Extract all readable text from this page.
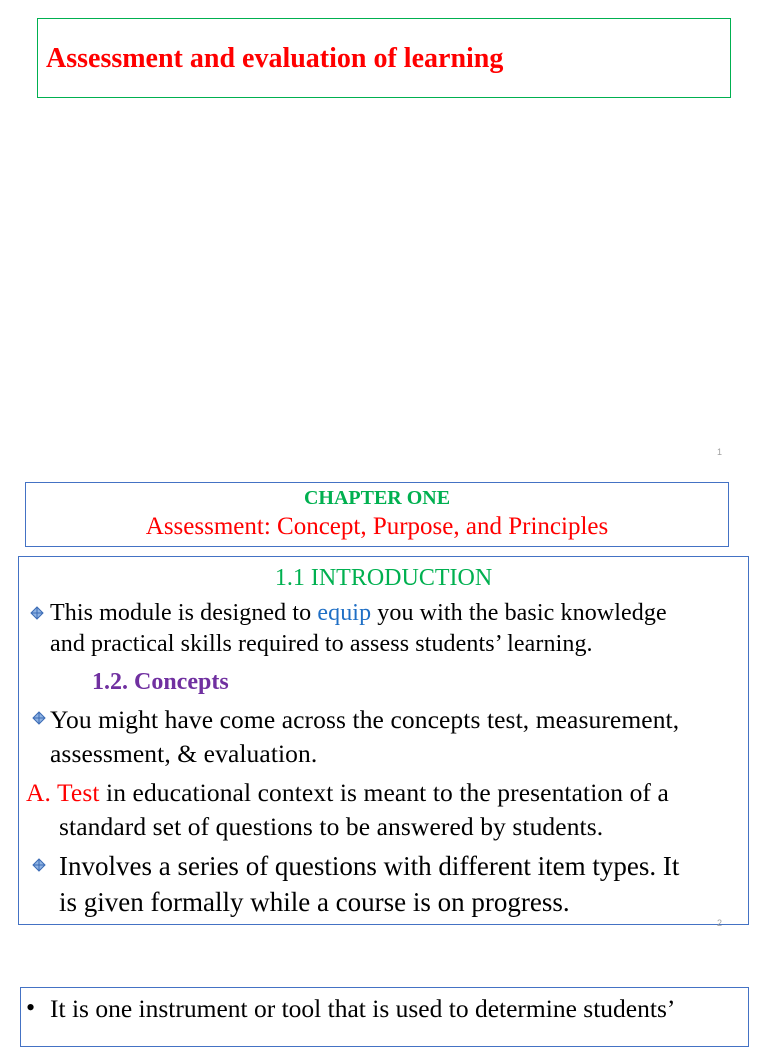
Assessment and evaluation of learning
1
CHAPTER ONE
Assessment: Concept, Purpose, and Principles
1.1 INTRODUCTION
This module is designed to equip you with the basic knowledge
and practical skills required to assess students’ learning.
1.2. Concepts
You might have come across the concepts test, measurement,
assessment, & evaluation.
A. Test in educational context is meant to the presentation of a
standard set of questions to be answered by students.
Involves a series of questions with different item types. It
is given formally while a course is on progress.
2
• It is one instrument or tool that is used to determine students’
